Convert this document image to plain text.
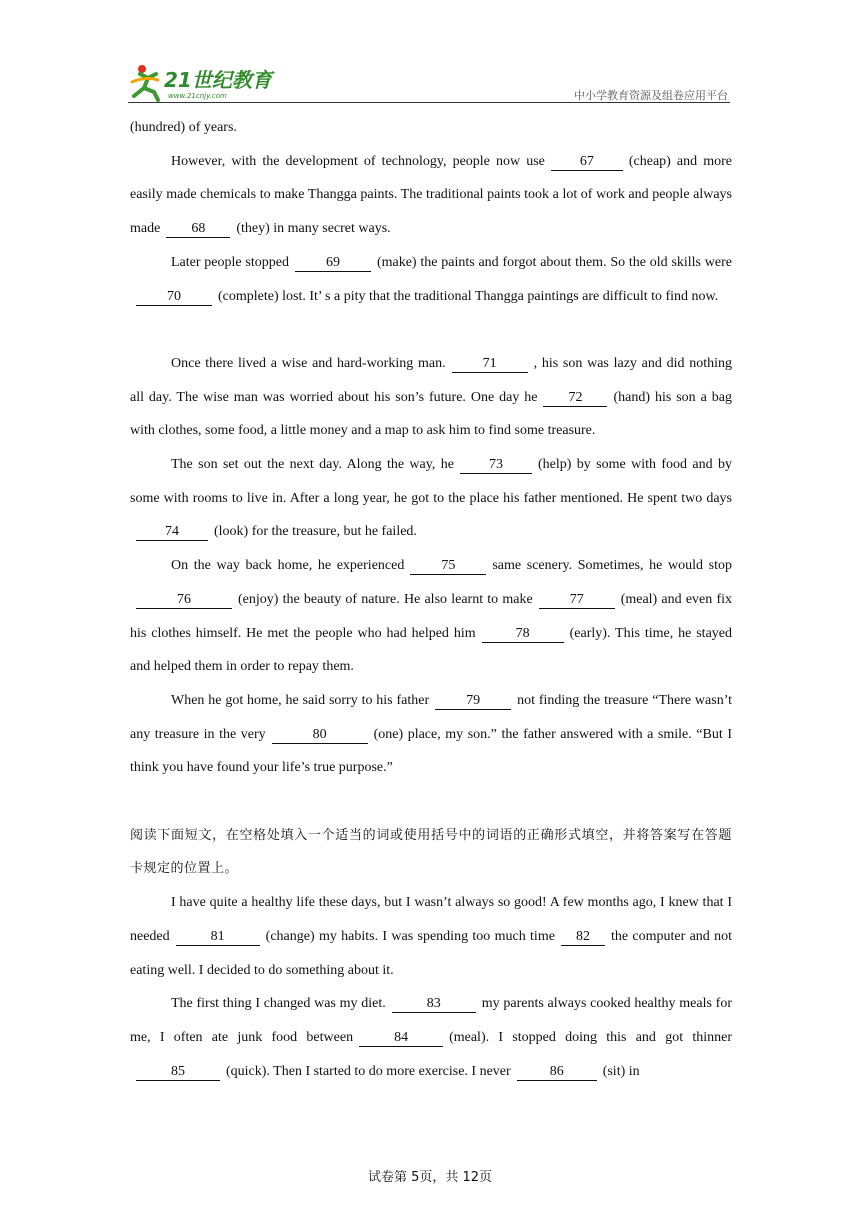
21世纪教育
www.21cnjy.com	中小学教育资源及组卷应用平台

(hundred) of years.

However, with the development of technology, people now use	67	(cheap) and more easily made chemicals to make Thangga paints. The traditional paints took a lot of work and people always made 68 (they) in many secret ways.

Later people stopped	69	(make) the paints and forgot about them. So the old skills were70	(complete) lost. It’ s a pity that the traditional Thangga paintings are difficult to find now.

Once there lived a wise and hard-working man.	71	, his son was lazy and did nothing all day. The wise man was worried about his son’s future. One day he 72 (hand) his son a bag with clothes, some food, a little money and a map to ask him to find some treasure.

The son set out the next day. Along the way, he	73	(help) by some with food and by some with rooms to live in. After a long year, he got to the place his father mentioned. He spent two days74	(look) for the treasure, but he failed.

On the way back home, he experienced	75	same scenery. Sometimes, he would stop76	(enjoy) the beauty of nature. He also learnt to make	77	(meal) and even fix his clothes himself. He met the people who had helped him	78	(early). This time, he stayed and helped them in order to repay them.

When he got home, he said sorry to his father	79	not finding the treasure “There wasn’t any treasure in the very	80	(one) place, my son.” the father answered with a smile. “But I think you have found your life’s true purpose.”

阅读下面短文，在空格处填入一个适当的词或使用括号中的词语的正确形式填空，并将答案写在答题卡规定的位置上。

I have quite a healthy life these days, but I wasn’t always so good! A few months ago, I knew that I needed	81	(change) my habits. I was spending too much time 82 the computer and not eating well. I decided to do something about it.

The first thing I changed was my diet.	83	my parents always cooked healthy meals for me, I often ate junk food between	84	(meal). I stopped doing this and got thinner85	(quick). Then I started to do more exercise. I never	86	(sit) in

试卷第 5页，共 12页
